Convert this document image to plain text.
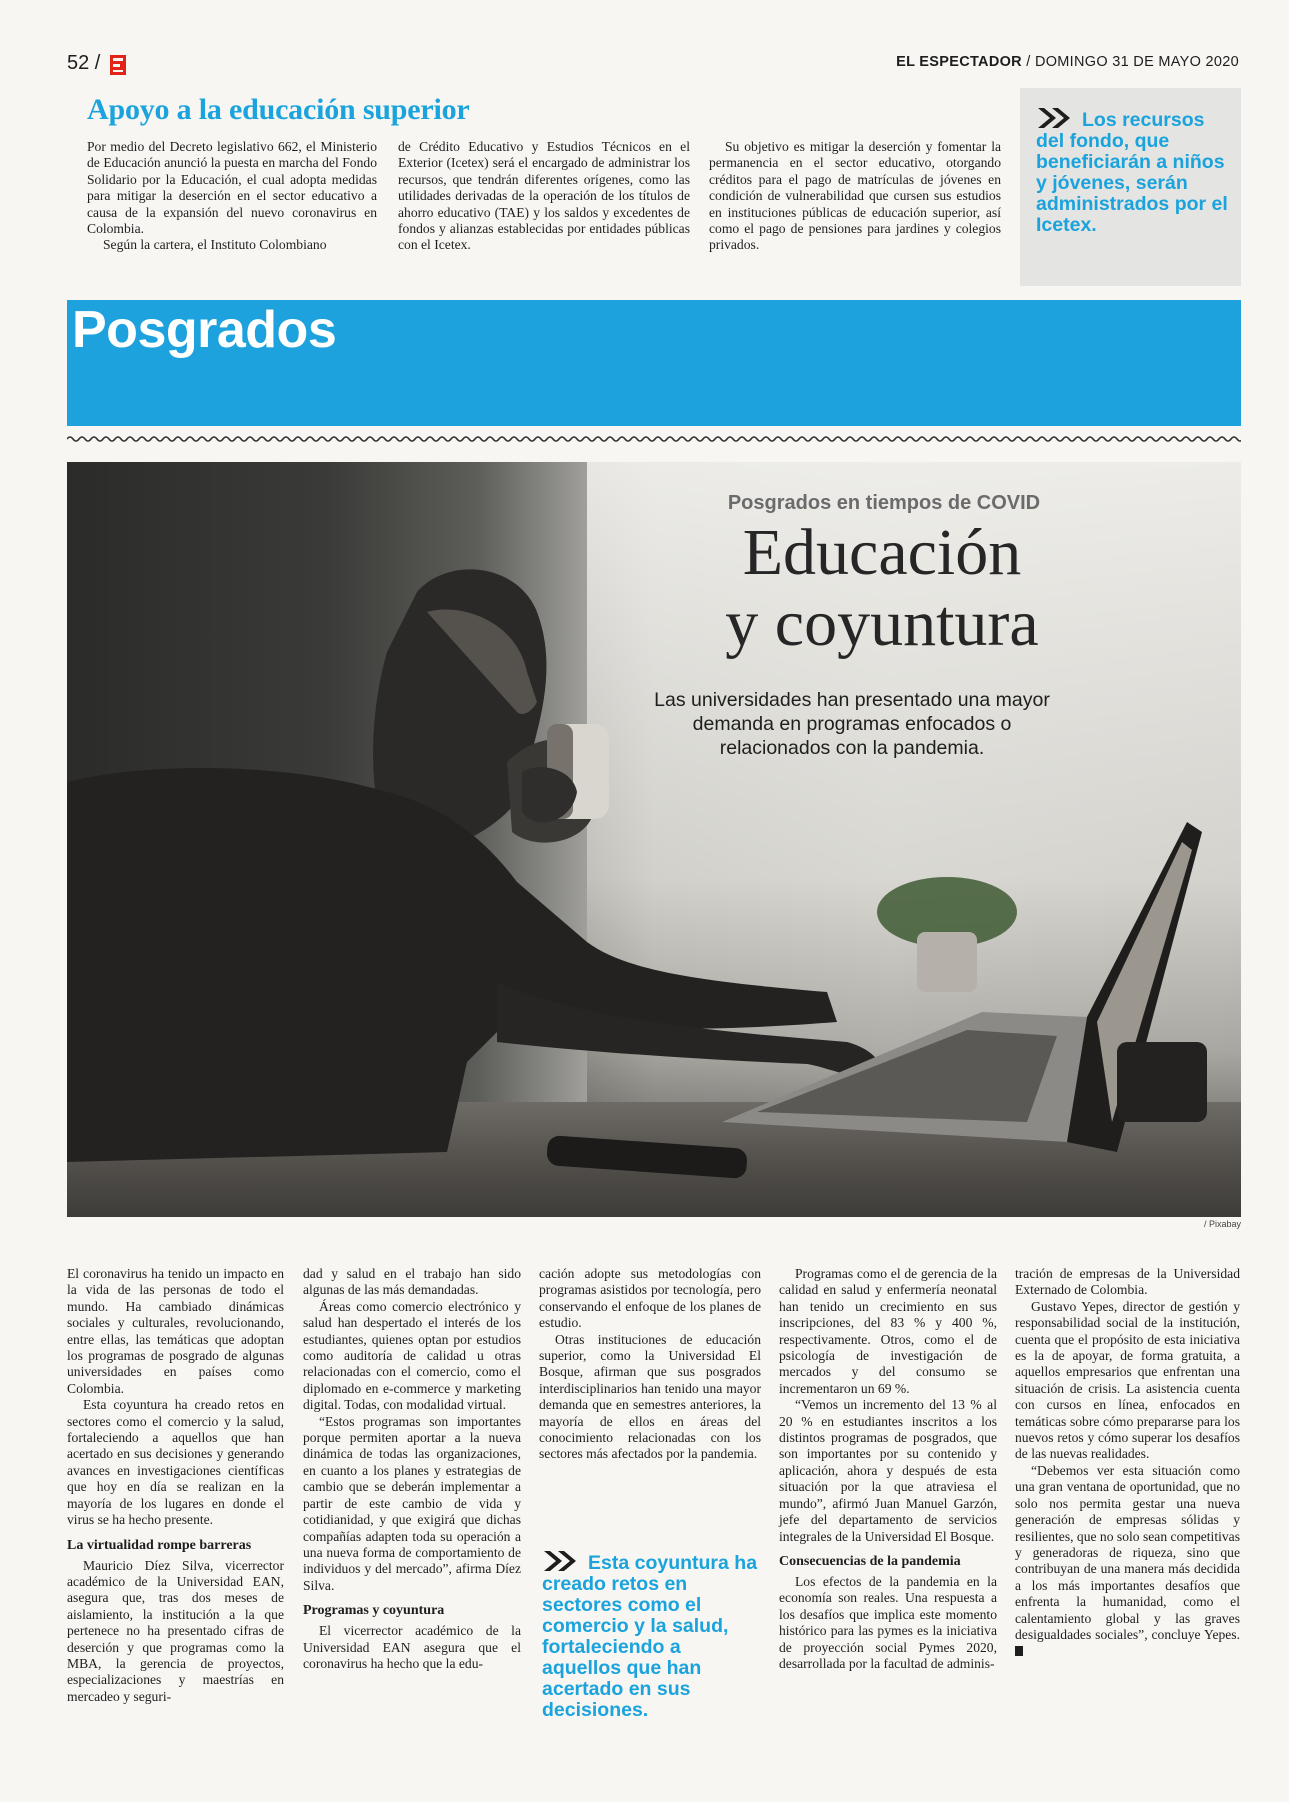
52 /	EL ESPECTADOR / DOMINGO 31 DE MAYO 2020
Apoyo a la educación superior

Por medio del Decreto legislativo 662, el Ministerio de Educación anunció la puesta en marcha del Fondo Solidario por la Educación, el cual adopta medidas para mitigar la deserción en el sector educativo a causa de la expansión del nuevo coronavirus en Colombia.

Según la cartera, el Instituto Colombiano

de Crédito Educativo y Estudios Técnicos en el Exterior (Icetex) será el encargado de administrar los recursos, que tendrán diferentes orígenes, como las utilidades derivadas de la operación de los títulos de ahorro educativo (TAE) y los saldos y excedentes de fondos y alianzas establecidas por entidades públicas con el Icetex.

Su objetivo es mitigar la deserción y fomentar la permanencia en el sector educativo, otorgando créditos para el pago de matrículas de jóvenes en condición de vulnerabilidad que cursen sus estudios en instituciones públicas de educación superior, así como el pago de pensiones para jardines y colegios privados.

Los recursos del fondo, que beneficiarán a niños y jóvenes, serán administrados por el Icetex.
Posgrados
Posgrados en tiempos de COVID
Educación
y coyuntura
Las universidades han presentado una mayor demanda en programas enfocados o relacionados con la pandemia.
/ Pixabay

El coronavirus ha tenido un impacto en la vida de las personas de todo el mundo. Ha cambiado dinámicas sociales y culturales, revolucionando, entre ellas, las temáticas que adoptan los programas de posgrado de algunas universidades en países como Colombia.

Esta coyuntura ha creado retos en sectores como el comercio y la salud, fortaleciendo a aquellos que han acertado en sus decisiones y generando avances en investigaciones científicas que hoy en día se realizan en la mayoría de los lugares en donde el virus se ha hecho presente.

La virtualidad rompe barreras

Mauricio Díez Silva, vicerrector académico de la Universidad EAN, asegura que, tras dos meses de aislamiento, la institución a la que pertenece no ha presentado cifras de deserción y que programas como la MBA, la gerencia de proyectos, especializaciones y maestrías en mercadeo y seguri-

dad y salud en el trabajo han sido algunas de las más demandadas.

Áreas como comercio electrónico y salud han despertado el interés de los estudiantes, quienes optan por estudios como auditoría de calidad u otras relacionadas con el comercio, como el diplomado en e-commerce y marketing digital. Todas, con modalidad virtual.

“Estos programas son importantes porque permiten aportar a la nueva dinámica de todas las organizaciones, en cuanto a los planes y estrategias de cambio que se deberán implementar a partir de este cambio de vida y cotidianidad, y que exigirá que dichas compañías adapten toda su operación a una nueva forma de comportamiento de individuos y del mercado”, afirma Díez Silva.

Programas y coyuntura

El vicerrector académico de la Universidad EAN asegura que el coronavirus ha hecho que la edu-

cación adopte sus metodologías con programas asistidos por tecnología, pero conservando el enfoque de los planes de estudio.

Otras instituciones de educación superior, como la Universidad El Bosque, afirman que sus posgrados interdisciplinarios han tenido una mayor demanda que en semestres anteriores, la mayoría de ellos en áreas del conocimiento relacionadas con los sectores más afectados por la pandemia.

Esta coyuntura ha creado retos en sectores como el comercio y la salud, fortaleciendo a aquellos que han acertado en sus decisiones.

Programas como el de gerencia de la calidad en salud y enfermería neonatal han tenido un crecimiento en sus inscripciones, del 83 % y 400 %, respectivamente. Otros, como el de psicología de investigación de mercados y del consumo se incrementaron un 69 %.

“Vemos un incremento del 13 % al 20 % en estudiantes inscritos a los distintos programas de posgrados, que son importantes por su contenido y aplicación, ahora y después de esta situación por la que atraviesa el mundo”, afirmó Juan Manuel Garzón, jefe del departamento de servicios integrales de la Universidad El Bosque.

Consecuencias de la pandemia

Los efectos de la pandemia en la economía son reales. Una respuesta a los desafíos que implica este momento histórico para las pymes es la iniciativa de proyección social Pymes 2020, desarrollada por la facultad de adminis-

tración de empresas de la Universidad Externado de Colombia.

Gustavo Yepes, director de gestión y responsabilidad social de la institución, cuenta que el propósito de esta iniciativa es la de apoyar, de forma gratuita, a aquellos empresarios que enfrentan una situación de crisis. La asistencia cuenta con cursos en línea, enfocados en temáticas sobre cómo prepararse para los nuevos retos y cómo superar los desafíos de las nuevas realidades.

“Debemos ver esta situación como una gran ventana de oportunidad, que no solo nos permita gestar una nueva generación de empresas sólidas y resilientes, que no solo sean competitivas y generadoras de riqueza, sino que contribuyan de una manera más decidida a los más importantes desafíos que enfrenta la humanidad, como el calentamiento global y las graves desigualdades sociales”, concluye Yepes.
